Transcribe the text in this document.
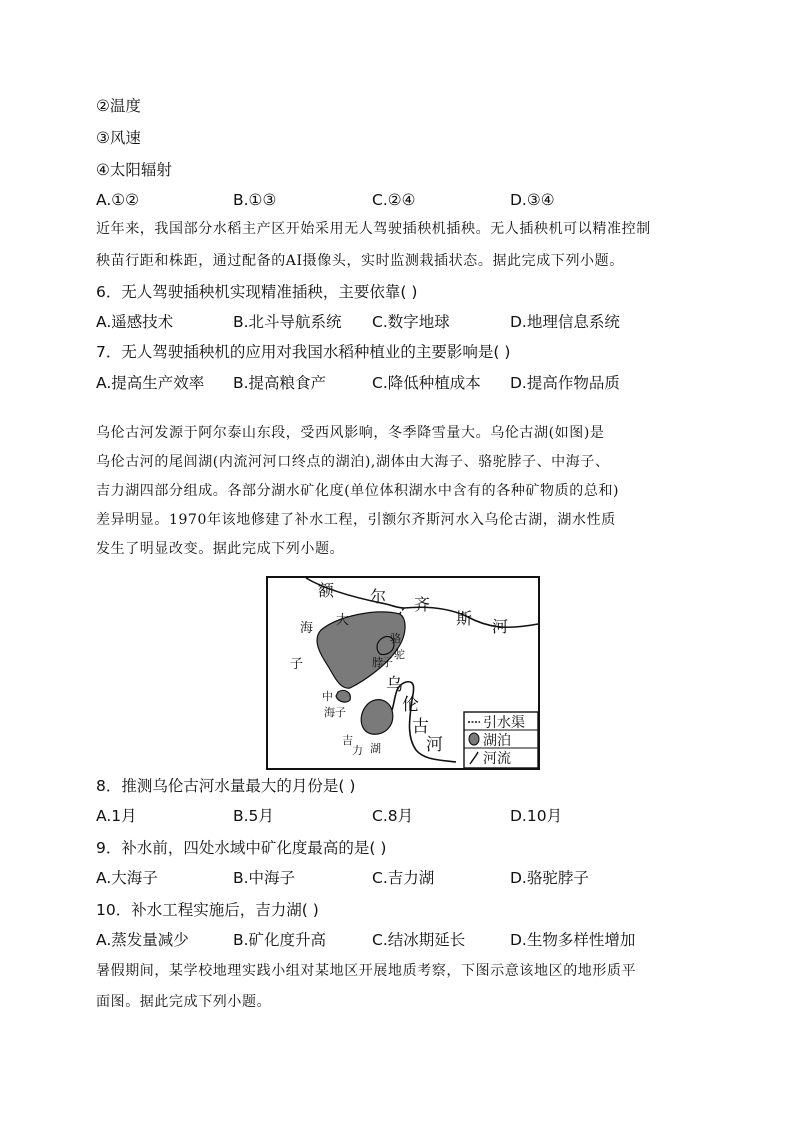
②温度
③风速
④太阳辐射
A.①②	B.①③	C.②④	D.③④
近年来，我国部分水稻主产区开始采用无人驾驶插秧机插秧。无人插秧机可以精准控制
秧苗行距和株距，通过配备的AI摄像头，实时监测栽插状态。据此完成下列小题。
6．无人驾驶插秧机实现精准插秧，主要依靠( )
A.遥感技术	B.北斗导航系统 C.数字地球	D.地理信息系统
7．无人驾驶插秧机的应用对我国水稻种植业的主要影响是( )
A.提高生产效率 B.提高粮食产	C.降低种植成本 D.提高作物品质
乌伦古河发源于阿尔泰山东段，受西风影响，冬季降雪量大。乌伦古湖(如图)是
乌伦古河的尾闾湖(内流河河口终点的湖泊),湖体由大海子、骆驼脖子、中海子、
吉力湖四部分组成。各部分湖水矿化度(单位体积湖水中含有的各种矿物质的总和)
差异明显。1970年该地修建了补水工程，引额尔齐斯河水入乌伦古湖，湖水性质
发生了明显改变。据此完成下列小题。
额 尔 齐
斯 河
海
大
子
骆
驼
子
脖
中
海子
吉
力 湖
乌
伦
古
河
引水渠
湖泊
河流
8．推测乌伦古河水量最大的月份是( )
A.1月	B.5月	C.8月	D.10月
9．补水前，四处水域中矿化度最高的是( )
A.大海子	B.中海子	C.吉力湖	D.骆驼脖子
10．补水工程实施后，吉力湖( )
A.蒸发量减少	B.矿化度升高	C.结冰期延长	D.生物多样性增加
暑假期间，某学校地理实践小组对某地区开展地质考察，下图示意该地区的地形质平
面图。据此完成下列小题。
